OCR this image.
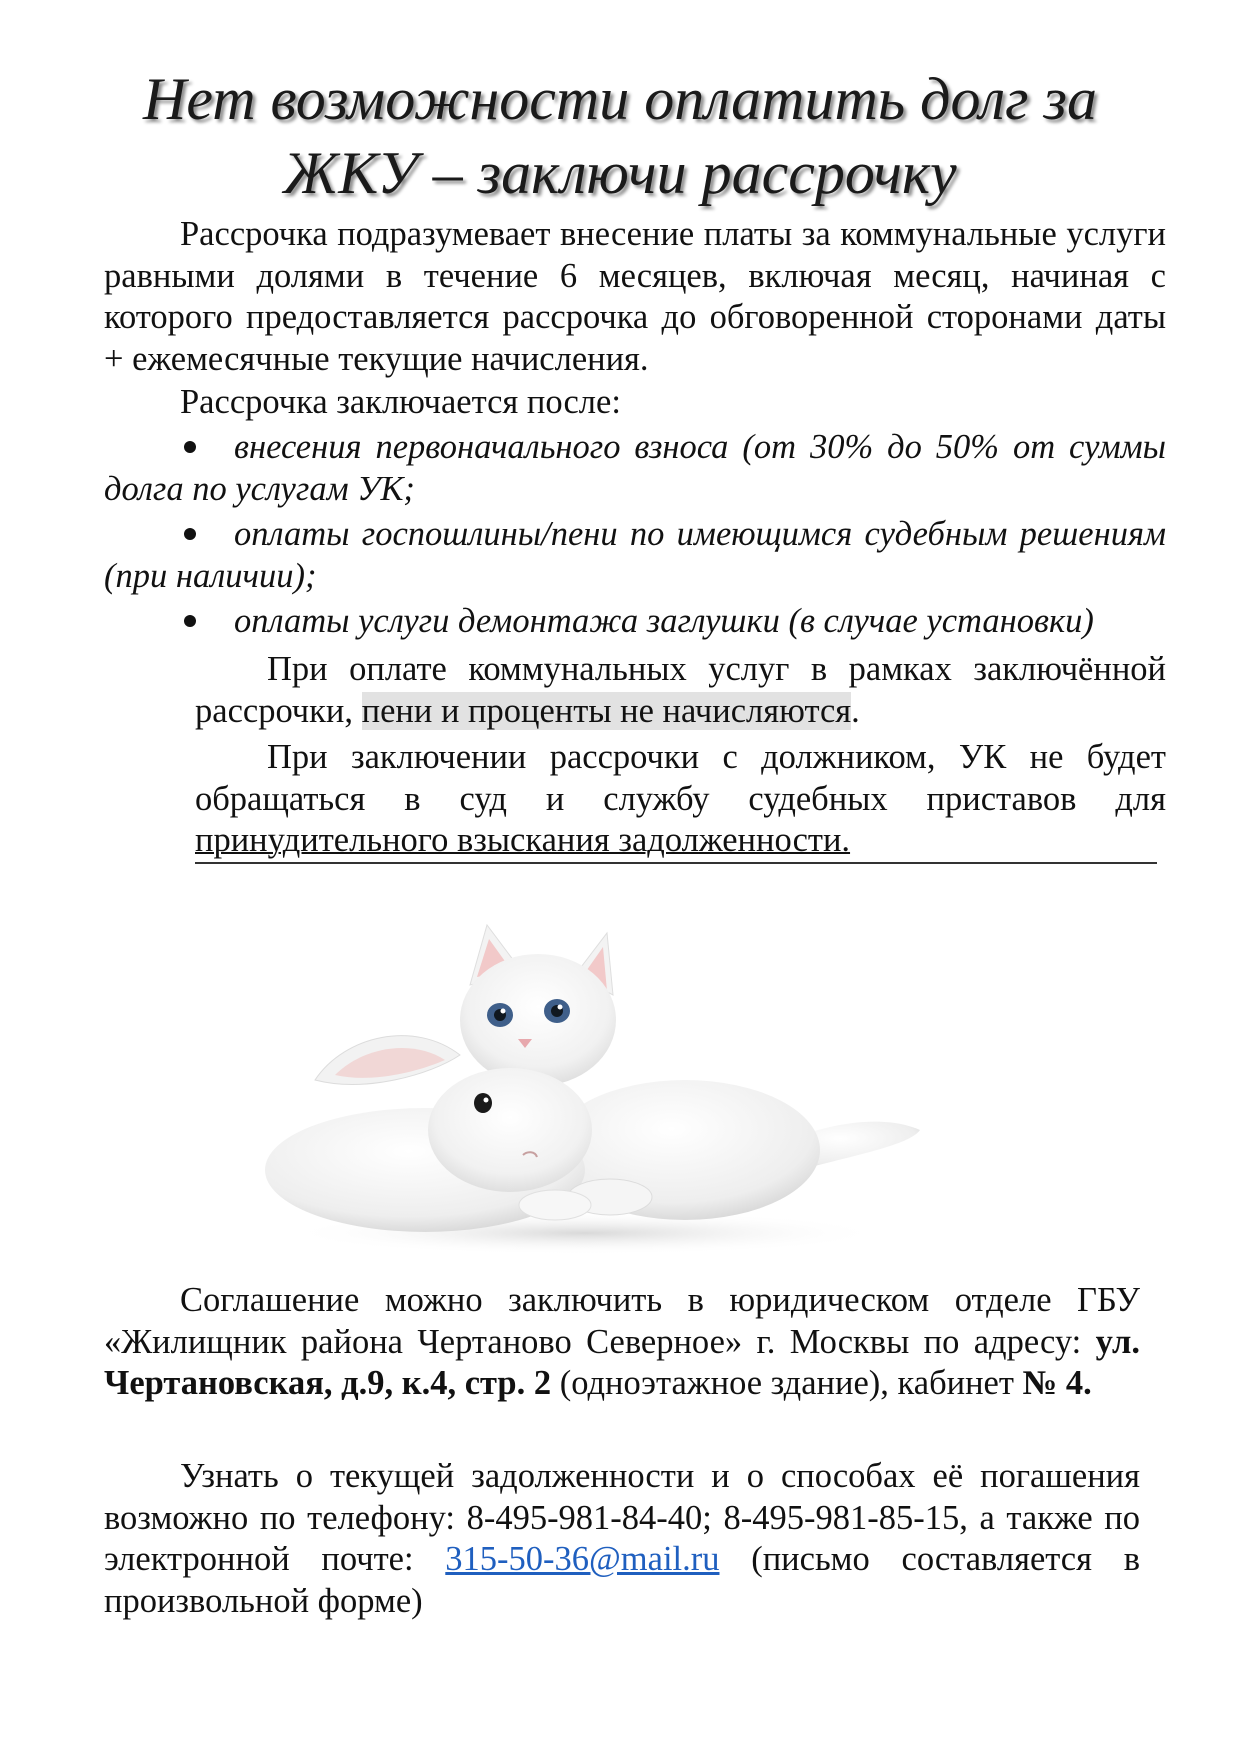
Нет возможности оплатить долг за
ЖКУ – заключи рассрочку

Рассрочка подразумевает внесение платы за коммунальные услуги равными долями в течение 6 месяцев, включая месяц, начиная с которого предоставляется рассрочка до обговоренной сторонами даты + ежемесячные текущие начисления.

Рассрочка заключается после:

внесения первоначального взноса (от 30% до 50% от суммы долга по услугам УК;
оплаты госпошлины/пени по имеющимся судебным решениям (при наличии);
оплаты услуги демонтажа заглушки (в случае установки)

При оплате коммунальных услуг в рамках заключённой рассрочки, пени и проценты не начисляются.

При заключении рассрочки с должником, УК не будет обращаться в суд и службу судебных приставов для принудительного взыскания задолженности.

Соглашение можно заключить в юридическом отделе ГБУ «Жилищник района Чертаново Северное» г. Москвы по адресу: ул. Чертановская, д.9, к.4, стр. 2 (одноэтажное здание), кабинет № 4.

Узнать о текущей задолженности и о способах её погашения возможно по телефону: 8-495-981-84-40; 8-495-981-85-15, а также по электронной почте: 315-50-36@mail.ru (письмо составляется в произвольной форме)
